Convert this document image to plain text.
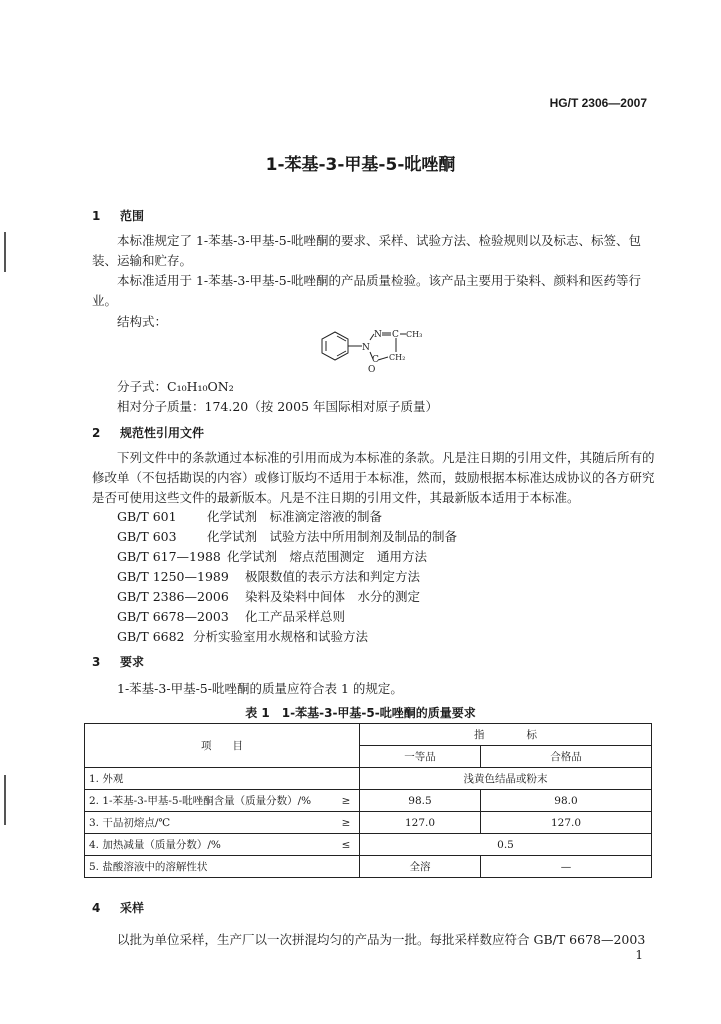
HG/T 2306—2007
1-苯基-3-甲基-5-吡唑酮
1 范围
本标准规定了 1-苯基-3-甲基-5-吡唑酮的要求、采样、试验方法、检验规则以及标志、标签、包装、运输和贮存。
本标准适用于 1-苯基-3-甲基-5-吡唑酮的产品质量检验。该产品主要用于染料、颜料和医药等行业。
结构式：
N
N C CH₃
CH₂
C
O
分子式：C₁₀H₁₀ON₂
相对分子质量：174.20（按 2005 年国际相对原子质量）
2 规范性引用文件
下列文件中的条款通过本标准的引用而成为本标准的条款。凡是注日期的引用文件，其随后所有的修改单（不包括勘误的内容）或修订版均不适用于本标准，然而，鼓励根据本标准达成协议的各方研究是否可使用这些文件的最新版本。凡是不注日期的引用文件，其最新版本适用于本标准。
GB/T 601 化学试剂　标准滴定溶液的制备
GB/T 603 化学试剂　试验方法中所用制剂及制品的制备
GB/T 617—1988 化学试剂　熔点范围测定　通用方法
GB/T 1250—1989 极限数值的表示方法和判定方法
GB/T 2386—2006 染料及染料中间体　水分的测定
GB/T 6678—2003 化工产品采样总则
GB/T 6682 分析实验室用水规格和试验方法
3 要求
1-苯基-3-甲基-5-吡唑酮的质量应符合表 1 的规定。
表 1　1-苯基-3-甲基-5-吡唑酮的质量要求
项　　目		指　　　　标	
		一等品	合格品
1. 外观		浅黄色结晶或粉末	
2. 1-苯基-3-甲基-5-吡唑酮含量（质量分数）/%	≥	98.5	98.0
3. 干品初熔点/℃	≥	127.0	127.0
4. 加热减量（质量分数）/%	≤	0.5	
5. 盐酸溶液中的溶解性状		全溶	—
4 采样
以批为单位采样，生产厂以一次拼混均匀的产品为一批。每批采样数应符合 GB/T 6678—2003
1
